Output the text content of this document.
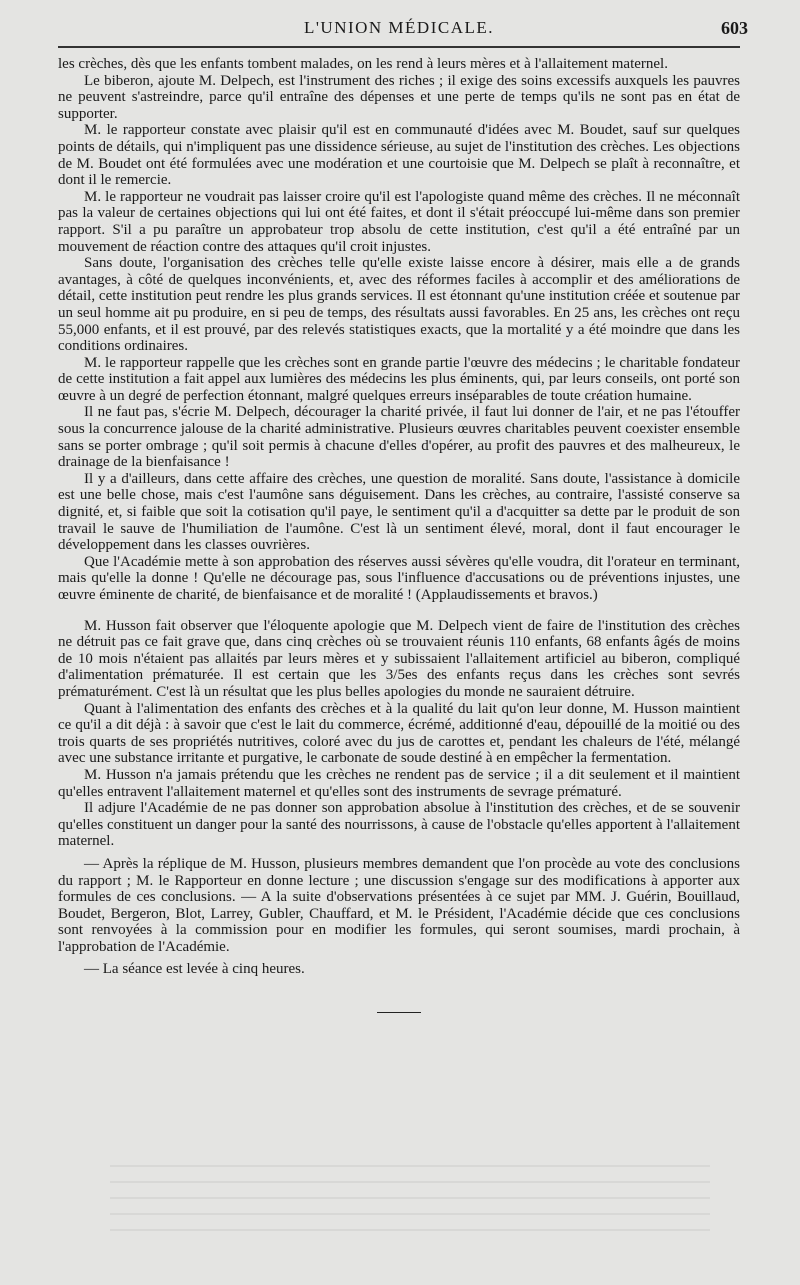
L'UNION MÉDICALE.	603

les crèches, dès que les enfants tombent malades, on les rend à leurs mères et à l'allaitement maternel.

Le biberon, ajoute M. Delpech, est l'instrument des riches ; il exige des soins excessifs auxquels les pauvres ne peuvent s'astreindre, parce qu'il entraîne des dépenses et une perte de temps qu'ils ne sont pas en état de supporter.

M. le rapporteur constate avec plaisir qu'il est en communauté d'idées avec M. Boudet, sauf sur quelques points de détails, qui n'impliquent pas une dissidence sérieuse, au sujet de l'institution des crèches. Les objections de M. Boudet ont été formulées avec une modération et une courtoisie que M. Delpech se plaît à reconnaître, et dont il le remercie.

M. le rapporteur ne voudrait pas laisser croire qu'il est l'apologiste quand même des crèches. Il ne méconnaît pas la valeur de certaines objections qui lui ont été faites, et dont il s'était préoccupé lui-même dans son premier rapport. S'il a pu paraître un approbateur trop absolu de cette institution, c'est qu'il a été entraîné par un mouvement de réaction contre des attaques qu'il croit injustes.

Sans doute, l'organisation des crèches telle qu'elle existe laisse encore à désirer, mais elle a de grands avantages, à côté de quelques inconvénients, et, avec des réformes faciles à accomplir et des améliorations de détail, cette institution peut rendre les plus grands services. Il est étonnant qu'une institution créée et soutenue par un seul homme ait pu produire, en si peu de temps, des résultats aussi favorables. En 25 ans, les crèches ont reçu 55,000 enfants, et il est prouvé, par des relevés statistiques exacts, que la mortalité y a été moindre que dans les conditions ordinaires.

M. le rapporteur rappelle que les crèches sont en grande partie l'œuvre des médecins ; le charitable fondateur de cette institution a fait appel aux lumières des médecins les plus éminents, qui, par leurs conseils, ont porté son œuvre à un degré de perfection étonnant, malgré quelques erreurs inséparables de toute création humaine.

Il ne faut pas, s'écrie M. Delpech, décourager la charité privée, il faut lui donner de l'air, et ne pas l'étouffer sous la concurrence jalouse de la charité administrative. Plusieurs œuvres charitables peuvent coexister ensemble sans se porter ombrage ; qu'il soit permis à chacune d'elles d'opérer, au profit des pauvres et des malheureux, le drainage de la bienfaisance !

Il y a d'ailleurs, dans cette affaire des crèches, une question de moralité. Sans doute, l'assistance à domicile est une belle chose, mais c'est l'aumône sans déguisement. Dans les crèches, au contraire, l'assisté conserve sa dignité, et, si faible que soit la cotisation qu'il paye, le sentiment qu'il a d'acquitter sa dette par le produit de son travail le sauve de l'humiliation de l'aumône. C'est là un sentiment élevé, moral, dont il faut encourager le développement dans les classes ouvrières.

Que l'Académie mette à son approbation des réserves aussi sévères qu'elle voudra, dit l'orateur en terminant, mais qu'elle la donne ! Qu'elle ne décourage pas, sous l'influence d'accusations ou de préventions injustes, une œuvre éminente de charité, de bienfaisance et de moralité ! (Applaudissements et bravos.)

M. Husson fait observer que l'éloquente apologie que M. Delpech vient de faire de l'institution des crèches ne détruit pas ce fait grave que, dans cinq crèches où se trouvaient réunis 110 enfants, 68 enfants âgés de moins de 10 mois n'étaient pas allaités par leurs mères et y subissaient l'allaitement artificiel au biberon, compliqué d'alimentation prématurée. Il est certain que les 3/5es des enfants reçus dans les crèches sont sevrés prématurément. C'est là un résultat que les plus belles apologies du monde ne sauraient détruire.

Quant à l'alimentation des enfants des crèches et à la qualité du lait qu'on leur donne, M. Husson maintient ce qu'il a dit déjà : à savoir que c'est le lait du commerce, écrémé, additionné d'eau, dépouillé de la moitié ou des trois quarts de ses propriétés nutritives, coloré avec du jus de carottes et, pendant les chaleurs de l'été, mélangé avec une substance irritante et purgative, le carbonate de soude destiné à en empêcher la fermentation.

M. Husson n'a jamais prétendu que les crèches ne rendent pas de service ; il a dit seulement et il maintient qu'elles entravent l'allaitement maternel et qu'elles sont des instruments de sevrage prématuré.

Il adjure l'Académie de ne pas donner son approbation absolue à l'institution des crèches, et de se souvenir qu'elles constituent un danger pour la santé des nourrissons, à cause de l'obstacle qu'elles apportent à l'allaitement maternel.

— Après la réplique de M. Husson, plusieurs membres demandent que l'on procède au vote des conclusions du rapport ; M. le Rapporteur en donne lecture ; une discussion s'engage sur des modifications à apporter aux formules de ces conclusions. — A la suite d'observations présentées à ce sujet par MM. J. Guérin, Bouillaud, Boudet, Bergeron, Blot, Larrey, Gubler, Chauffard, et M. le Président, l'Académie décide que ces conclusions sont renvoyées à la commission pour en modifier les formules, qui seront soumises, mardi prochain, à l'approbation de l'Académie.

— La séance est levée à cinq heures.
